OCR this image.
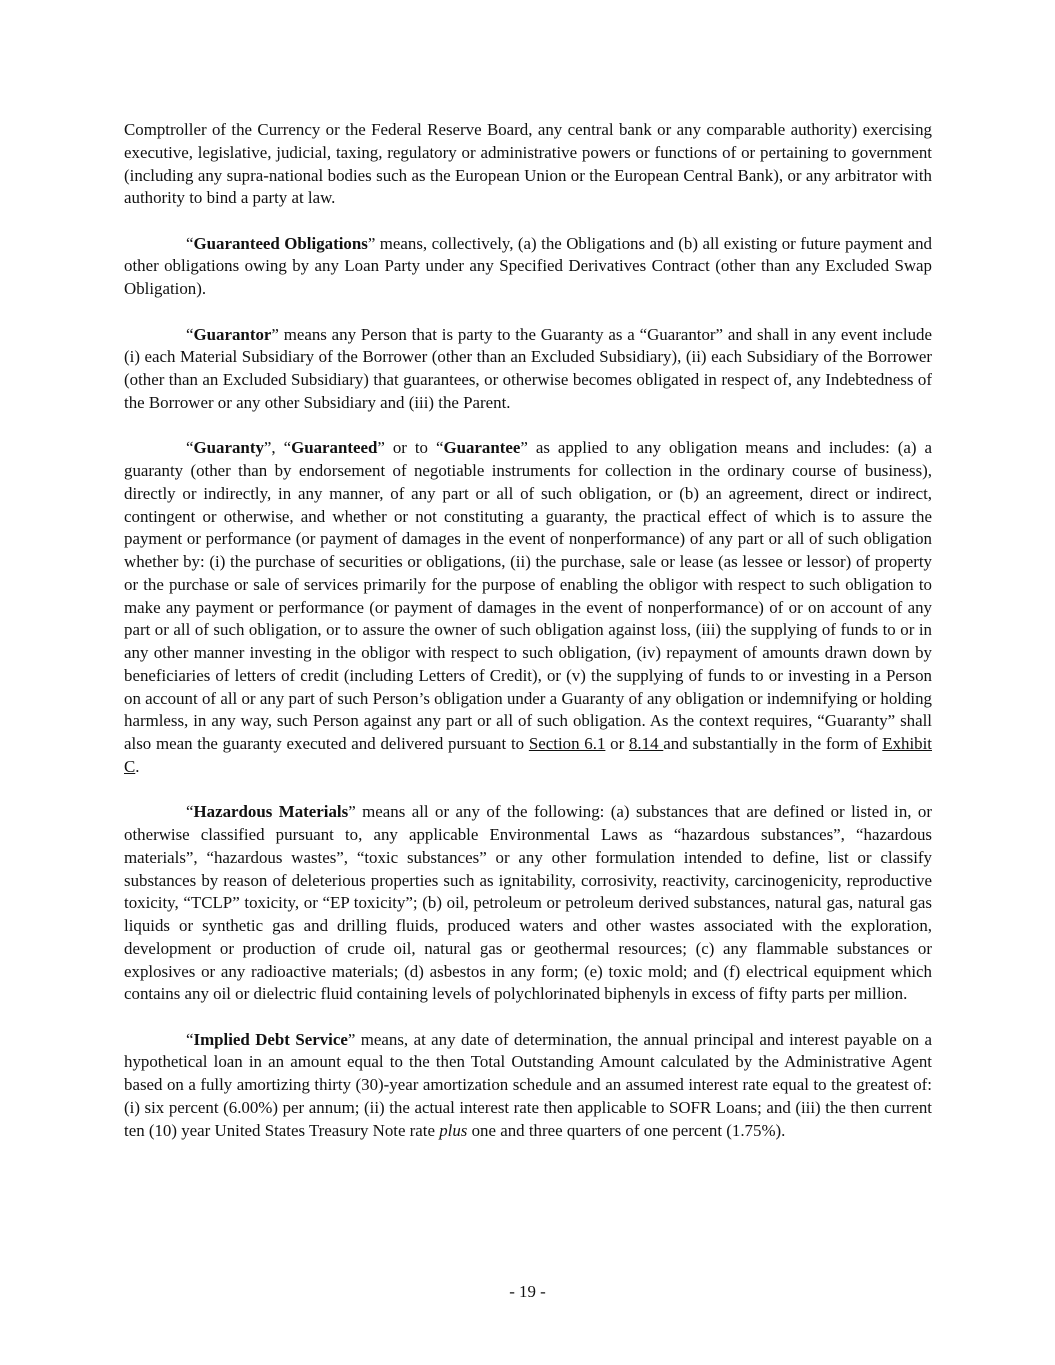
Comptroller of the Currency or the Federal Reserve Board, any central bank or any comparable authority) exercising executive, legislative, judicial, taxing, regulatory or administrative powers or functions of or pertaining to government (including any supra-national bodies such as the European Union or the European Central Bank), or any arbitrator with authority to bind a party at law.

“Guaranteed Obligations” means, collectively, (a) the Obligations and (b) all existing or future payment and other obligations owing by any Loan Party under any Specified Derivatives Contract (other than any Excluded Swap Obligation).

“Guarantor” means any Person that is party to the Guaranty as a “Guarantor” and shall in any event include (i) each Material Subsidiary of the Borrower (other than an Excluded Subsidiary), (ii) each Subsidiary of the Borrower (other than an Excluded Subsidiary) that guarantees, or otherwise becomes obligated in respect of, any Indebtedness of the Borrower or any other Subsidiary and (iii) the Parent.

“Guaranty”, “Guaranteed” or to “Guarantee” as applied to any obligation means and includes: (a) a guaranty (other than by endorsement of negotiable instruments for collection in the ordinary course of business), directly or indirectly, in any manner, of any part or all of such obligation, or (b) an agreement, direct or indirect, contingent or otherwise, and whether or not constituting a guaranty, the practical effect of which is to assure the payment or performance (or payment of damages in the event of nonperformance) of any part or all of such obligation whether by: (i) the purchase of securities or obligations, (ii) the purchase, sale or lease (as lessee or lessor) of property or the purchase or sale of services primarily for the purpose of enabling the obligor with respect to such obligation to make any payment or performance (or payment of damages in the event of nonperformance) of or on account of any part or all of such obligation, or to assure the owner of such obligation against loss, (iii) the supplying of funds to or in any other manner investing in the obligor with respect to such obligation, (iv) repayment of amounts drawn down by beneficiaries of letters of credit (including Letters of Credit), or (v) the supplying of funds to or investing in a Person on account of all or any part of such Person’s obligation under a Guaranty of any obligation or indemnifying or holding harmless, in any way, such Person against any part or all of such obligation. As the context requires, “Guaranty” shall also mean the guaranty executed and delivered pursuant to Section 6.1 or 8.14 and substantially in the form of Exhibit C.

“Hazardous Materials” means all or any of the following: (a) substances that are defined or listed in, or otherwise classified pursuant to, any applicable Environmental Laws as “hazardous substances”, “hazardous materials”, “hazardous wastes”, “toxic substances” or any other formulation intended to define, list or classify substances by reason of deleterious properties such as ignitability, corrosivity, reactivity, carcinogenicity, reproductive toxicity, “TCLP” toxicity, or “EP toxicity”; (b) oil, petroleum or petroleum derived substances, natural gas, natural gas liquids or synthetic gas and drilling fluids, produced waters and other wastes associated with the exploration, development or production of crude oil, natural gas or geothermal resources; (c) any flammable substances or explosives or any radioactive materials; (d) asbestos in any form; (e) toxic mold; and (f) electrical equipment which contains any oil or dielectric fluid containing levels of polychlorinated biphenyls in excess of fifty parts per million.

“Implied Debt Service” means, at any date of determination, the annual principal and interest payable on a hypothetical loan in an amount equal to the then Total Outstanding Amount calculated by the Administrative Agent based on a fully amortizing thirty (30)-year amortization schedule and an assumed interest rate equal to the greatest of: (i) six percent (6.00%) per annum; (ii) the actual interest rate then applicable to SOFR Loans; and (iii) the then current ten (10) year United States Treasury Note rate plus one and three quarters of one percent (1.75%).

- 19 -
